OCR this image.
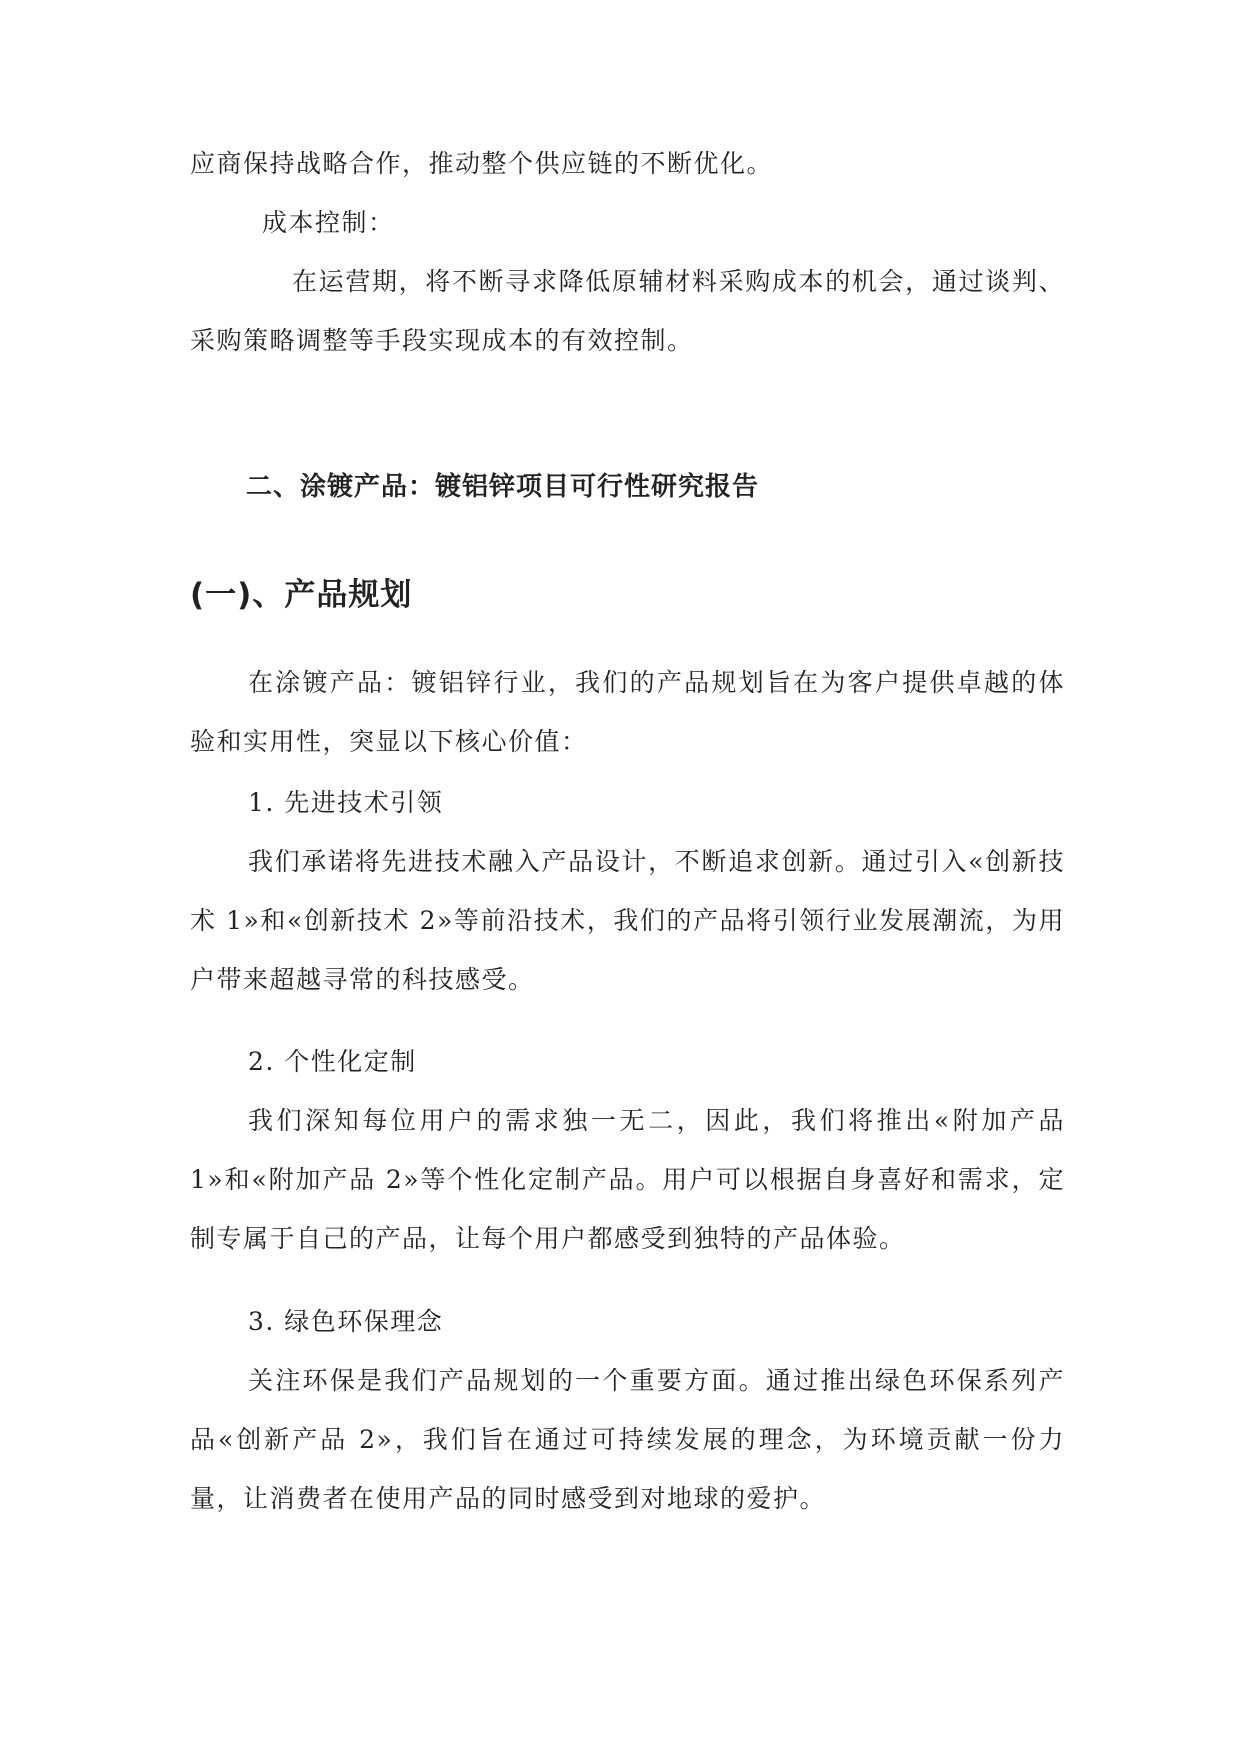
应商保持战略合作，推动整个供应链的不断优化。

成本控制：

在运营期，将不断寻求降低原辅材料采购成本的机会，通过谈判、采购策略调整等手段实现成本的有效控制。

二、涂镀产品：镀铝锌项目可行性研究报告
(一)、产品规划

在涂镀产品：镀铝锌行业，我们的产品规划旨在为客户提供卓越的体验和实用性，突显以下核心价值：

1. 先进技术引领

我们承诺将先进技术融入产品设计，不断追求创新。通过引入«创新技术 1»和«创新技术 2»等前沿技术，我们的产品将引领行业发展潮流，为用户带来超越寻常的科技感受。

2. 个性化定制

我们深知每位用户的需求独一无二，因此，我们将推出«附加产品 1»和«附加产品 2»等个性化定制产品。用户可以根据自身喜好和需求，定制专属于自己的产品，让每个用户都感受到独特的产品体验。

3. 绿色环保理念

关注环保是我们产品规划的一个重要方面。通过推出绿色环保系列产品«创新产品 2»，我们旨在通过可持续发展的理念，为环境贡献一份力量，让消费者在使用产品的同时感受到对地球的爱护。
